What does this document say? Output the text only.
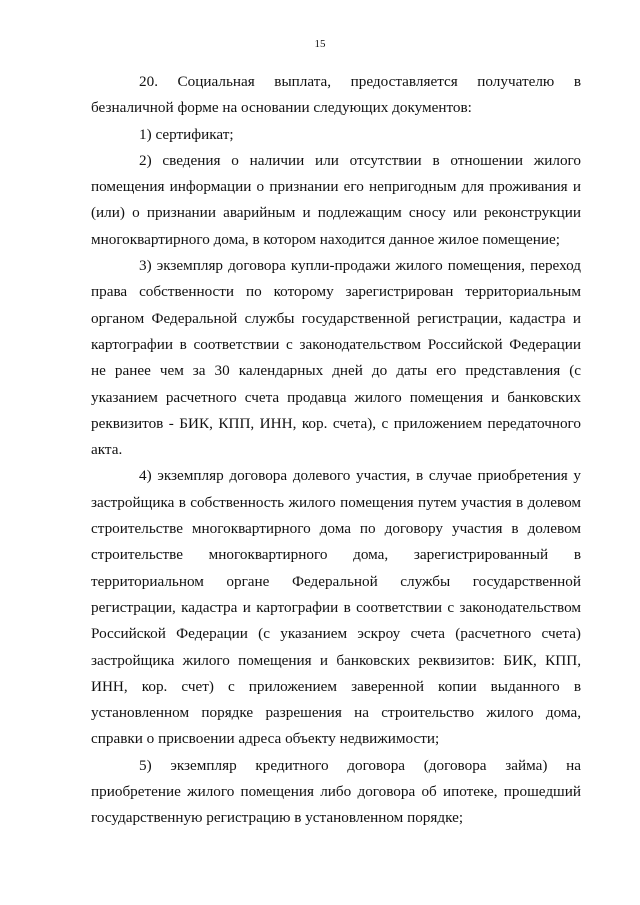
15

20. Социальная выплата, предоставляется получателю в безналичной форме на основании следующих документов:

1) сертификат;

2) сведения о наличии или отсутствии в отношении жилого помещения информации о признании его непригодным для проживания и (или) о признании аварийным и подлежащим сносу или реконструкции многоквартирного дома, в котором находится данное жилое помещение;

3) экземпляр договора купли-продажи жилого помещения, переход права собственности по которому зарегистрирован территориальным органом Федеральной службы государственной регистрации, кадастра и картографии в соответствии с законодательством Российской Федерации не ранее чем за 30 календарных дней до даты его представления (с указанием расчетного счета продавца жилого помещения и банковских реквизитов - БИК, КПП, ИНН, кор. счета), с приложением передаточного акта.

4) экземпляр договора долевого участия, в случае приобретения у застройщика в собственность жилого помещения путем участия в долевом строительстве многоквартирного дома по договору участия в долевом строительстве многоквартирного дома, зарегистрированный в территориальном органе Федеральной службы государственной регистрации, кадастра и картографии в соответствии с законодательством Российской Федерации (с указанием эскроу счета (расчетного счета) застройщика жилого помещения и банковских реквизитов: БИК, КПП, ИНН, кор. счет) с приложением заверенной копии выданного в установленном порядке разрешения на строительство жилого дома, справки о присвоении адреса объекту недвижимости;

5) экземпляр кредитного договора (договора займа) на приобретение жилого помещения либо договора об ипотеке, прошедший государственную регистрацию в установленном порядке;
